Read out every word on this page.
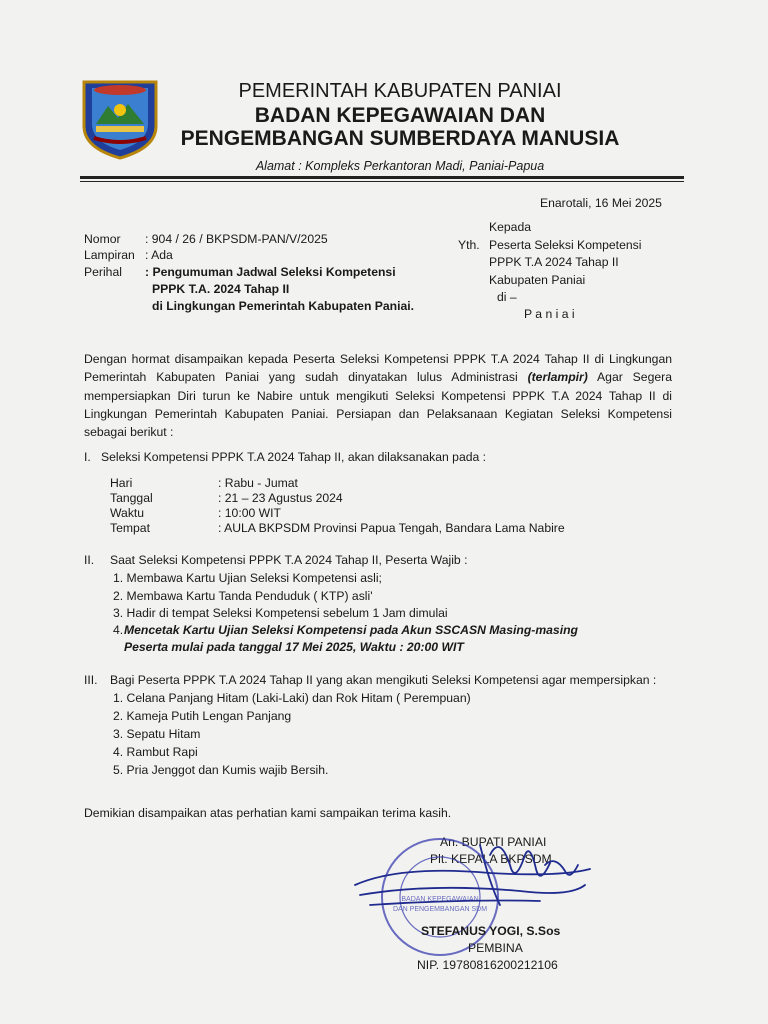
PEMERINTAH KABUPATEN PANIAI
BADAN KEPEGAWAIAN DAN
PENGEMBANGAN SUMBERDAYA MANUSIA
Alamat : Kompleks Perkantoran Madi, Paniai-Papua
Enarotali, 16 Mei 2025
Nomor : 904 / 26 / BKPSDM-PAN/V/2025
Lampiran : Ada
Perihal : Pengumuman Jadwal Seleksi Kompetensi
PPPK T.A. 2024 Tahap II
di Lingkungan Pemerintah Kabupaten Paniai.
Kepada
Yth. Peserta Seleksi Kompetensi
PPPK T.A 2024 Tahap II
Kabupaten Paniai
di –
P a n i a i
Dengan hormat disampaikan kepada Peserta Seleksi Kompetensi PPPK T.A 2024 Tahap II di Lingkungan Pemerintah Kabupaten Paniai yang sudah dinyatakan lulus Administrasi (terlampir) Agar Segera mempersiapkan Diri turun ke Nabire untuk mengikuti Seleksi Kompetensi PPPK T.A 2024 Tahap II di Lingkungan Pemerintah Kabupaten Paniai. Persiapan dan Pelaksanaan Kegiatan Seleksi Kompetensi sebagai berikut :
I. Seleksi Kompetensi PPPK T.A 2024 Tahap II, akan dilaksanakan pada :
Hari	: Rabu - Jumat
Tanggal	: 21 – 23 Agustus 2024
Waktu	: 10:00 WIT
Tempat	: AULA BKPSDM Provinsi Papua Tengah, Bandara Lama Nabire
II. Saat Seleksi Kompetensi PPPK T.A 2024 Tahap II, Peserta Wajib :
1. Membawa Kartu Ujian Seleksi Kompetensi asli;
2. Membawa Kartu Tanda Penduduk ( KTP) asli'
3. Hadir di tempat Seleksi Kompetensi sebelum 1 Jam dimulai
4. Mencetak Kartu Ujian Seleksi Kompetensi pada Akun SSCASN Masing-masing
Peserta mulai pada tanggal 17 Mei 2025, Waktu : 20:00 WIT
III. Bagi Peserta PPPK T.A 2024 Tahap II yang akan mengikuti Seleksi Kompetensi agar mempersipkan :
1. Celana Panjang Hitam (Laki-Laki) dan Rok Hitam ( Perempuan)
2. Kameja Putih Lengan Panjang
3. Sepatu Hitam
4. Rambut Rapi
5. Pria Jenggot dan Kumis wajib Bersih.
Demikian disampaikan atas perhatian kami sampaikan terima kasih.
An. BUPATI PANIAI
Plt. KEPALA BKPSDM
BADAN KEPEGAWAIAN
DAN PENGEMBANGAN SDM
STEFANUS YOGI, S.Sos
PEMBINA
NIP. 19780816200212106
